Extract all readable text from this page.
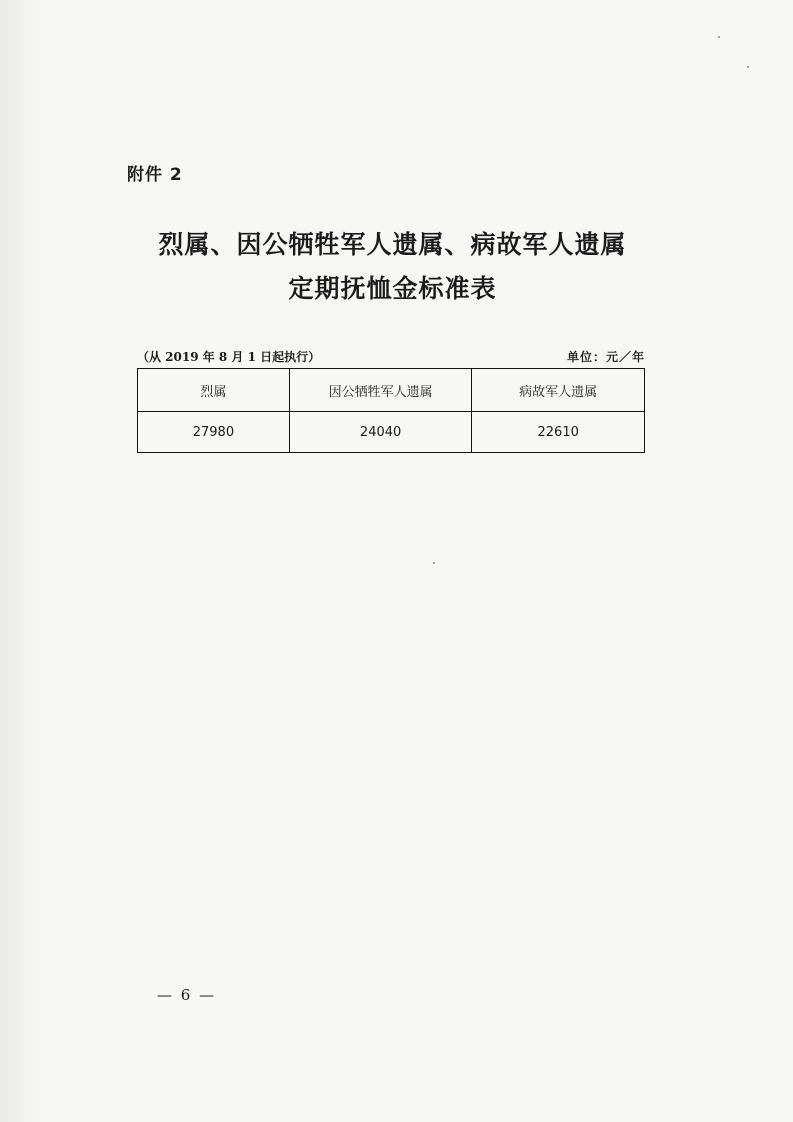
附件 2
烈属、因公牺牲军人遗属、病故军人遗属
定期抚恤金标准表
（从 2019 年 8 月 1 日起执行）	单位：元／年
烈属	因公牺牲军人遗属	病故军人遗属
27980	24040	22610
— 6 —
